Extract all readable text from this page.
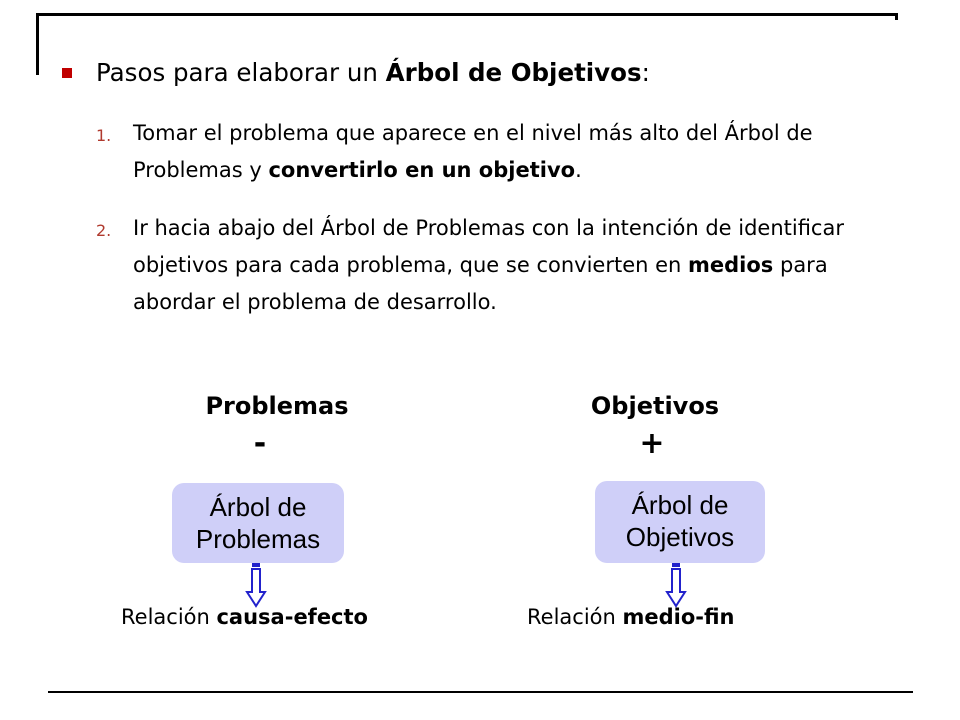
Pasos para elaborar un Árbol de Objetivos:
1. Tomar el problema que aparece en el nivel más alto del Árbol de Problemas y convertirlo en un objetivo.
2. Ir hacia abajo del Árbol de Problemas con la intención de identificar objetivos para cada problema, que se convierten en medios para abordar el problema de desarrollo.
Problemas
-
Objetivos
+
Árbol de
Problemas
Árbol de
Objetivos
Relación causa-efecto	Relación medio-fin
